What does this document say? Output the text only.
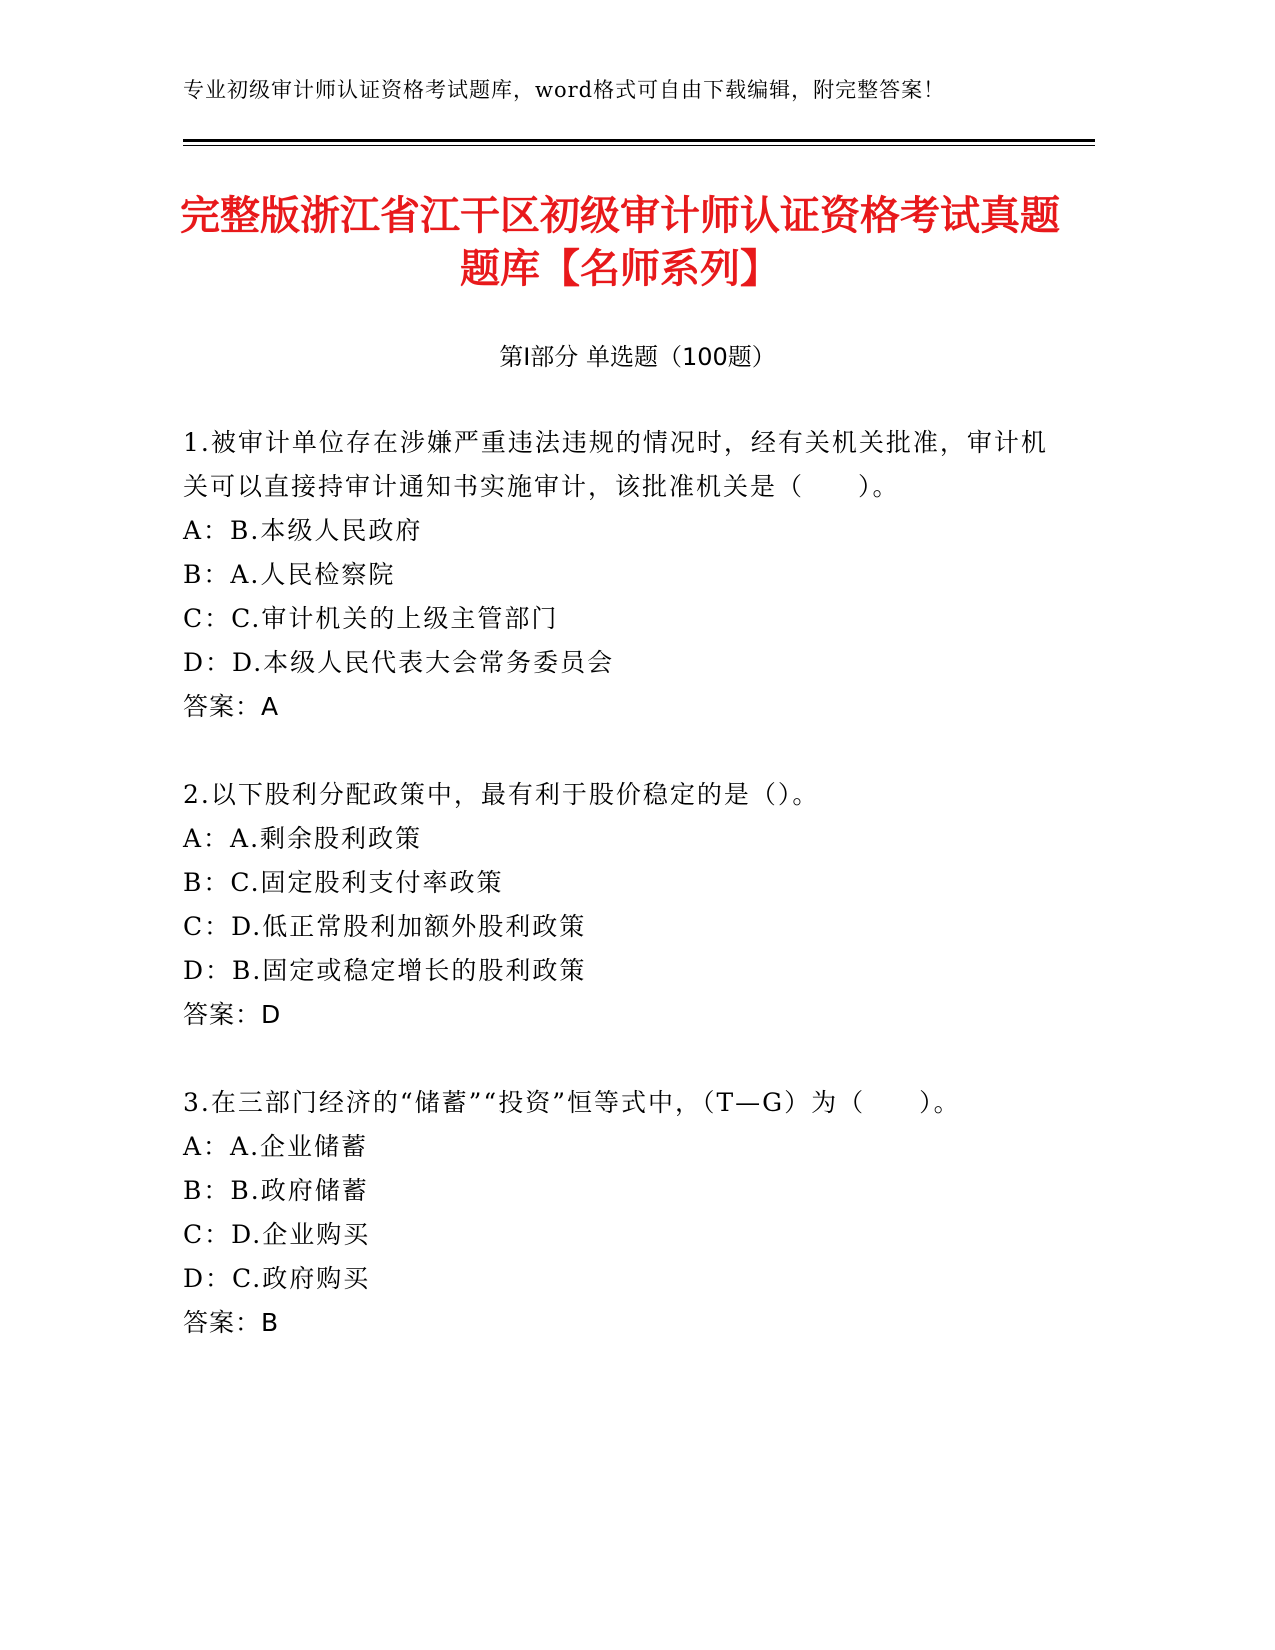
专业初级审计师认证资格考试题库，word格式可自由下载编辑，附完整答案！
完整版浙江省江干区初级审计师认证资格考试真题题库【名师系列】
第Ⅰ部分 单选题（100题）

1.被审计单位存在涉嫌严重违法违规的情况时，经有关机关批准，审计机关可以直接持审计通知书实施审计，该批准机关是（　　）。

A：B.本级人民政府

B：A.人民检察院

C：C.审计机关的上级主管部门

D：D.本级人民代表大会常务委员会

答案：A

2.以下股利分配政策中，最有利于股价稳定的是（）。

A：A.剩余股利政策

B：C.固定股利支付率政策

C：D.低正常股利加额外股利政策

D：B.固定或稳定增长的股利政策

答案：D

3.在三部门经济的“储蓄”“投资”恒等式中，（T—G）为（　　）。

A：A.企业储蓄

B：B.政府储蓄

C：D.企业购买

D：C.政府购买

答案：B
